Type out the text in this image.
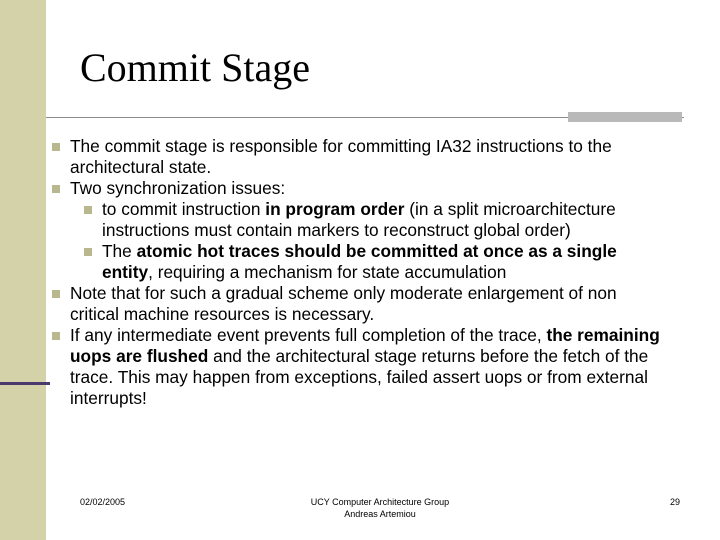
Commit Stage
The commit stage is responsible for committing IA32 instructions to the architectural state.
Two synchronization issues:
to commit instruction in program order (in a split microarchitecture instructions must contain markers to reconstruct global order)
The atomic hot traces should be committed at once as a single entity, requiring a mechanism for state accumulation
Note that for such a gradual scheme only moderate enlargement of non critical machine resources is necessary.
If any intermediate event prevents full completion of the trace, the remaining uops are flushed and the architectural stage returns before the fetch of the trace. This may happen from exceptions, failed assert uops or from external interrupts!
02/02/2005	UCY Computer Architecture Group
Andreas Artemiou
29
